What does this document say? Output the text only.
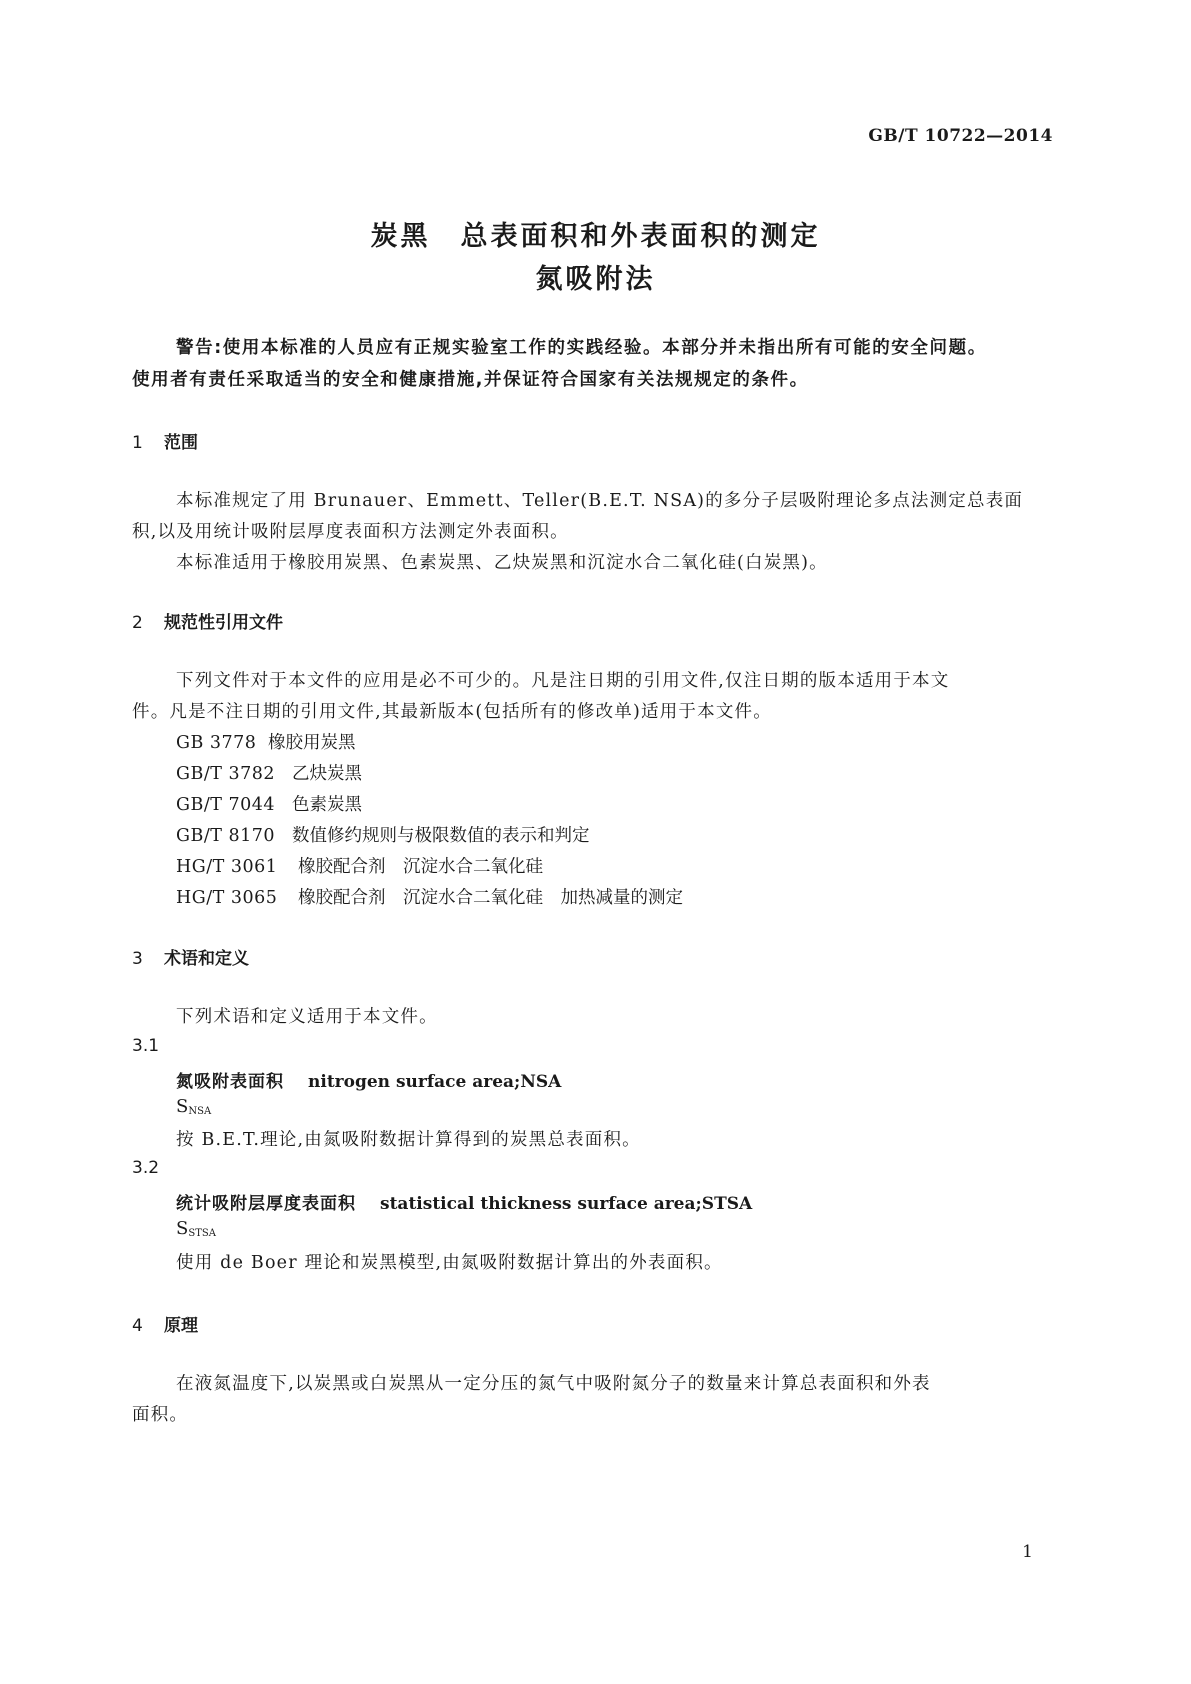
GB/T 10722—2014
炭黑　总表面积和外表面积的测定
氮吸附法
警告:使用本标准的人员应有正规实验室工作的实践经验。本部分并未指出所有可能的安全问题。
使用者有责任采取适当的安全和健康措施,并保证符合国家有关法规规定的条件。
1 范围
本标准规定了用 Brunauer、Emmett、Teller(B.E.T. NSA)的多分子层吸附理论多点法测定总表面
积,以及用统计吸附层厚度表面积方法测定外表面积。
本标准适用于橡胶用炭黑、色素炭黑、乙炔炭黑和沉淀水合二氧化硅(白炭黑)。
2 规范性引用文件
下列文件对于本文件的应用是必不可少的。凡是注日期的引用文件,仅注日期的版本适用于本文
件。凡是不注日期的引用文件,其最新版本(包括所有的修改单)适用于本文件。
GB 3778 橡胶用炭黑
GB/T 3782 乙炔炭黑
GB/T 7044 色素炭黑
GB/T 8170 数值修约规则与极限数值的表示和判定
HG/T 3061 橡胶配合剂　沉淀水合二氧化硅
HG/T 3065 橡胶配合剂　沉淀水合二氧化硅　加热减量的测定
3 术语和定义
下列术语和定义适用于本文件。
3.1
氮吸附表面积 nitrogen surface area;NSA
$S_{NSA}$
按 B.E.T.理论,由氮吸附数据计算得到的炭黑总表面积。
3.2
统计吸附层厚度表面积 statistical thickness surface area;STSA
$S_{STSA}$
使用 de Boer 理论和炭黑模型,由氮吸附数据计算出的外表面积。
4 原理
在液氮温度下,以炭黑或白炭黑从一定分压的氮气中吸附氮分子的数量来计算总表面积和外表
面积。
1
